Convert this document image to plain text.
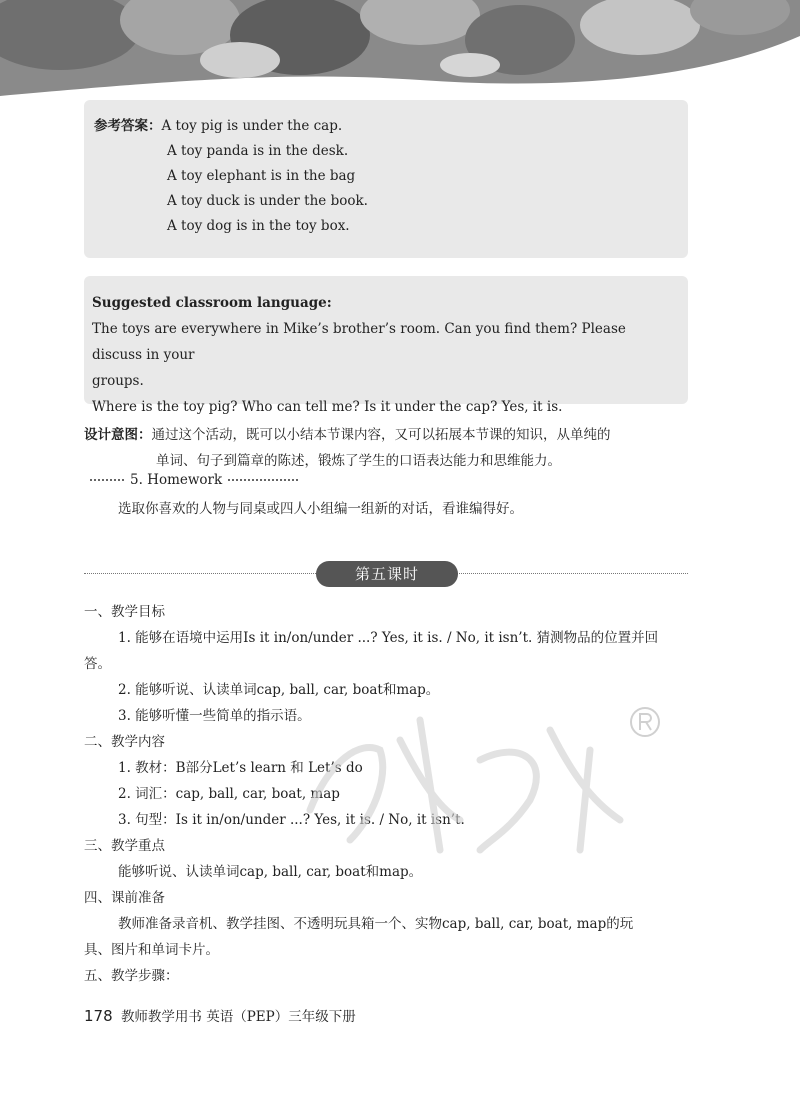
参考答案：A toy pig is under the cap.
A toy panda is in the desk.
A toy elephant is in the bag
A toy duck is under the book.
A toy dog is in the toy box.
Suggested classroom language:
The toys are everywhere in Mike’s brother’s room. Can you find them? Please discuss in your
groups.
Where is the toy pig? Who can tell me? Is it under the cap? Yes, it is.
设计意图：通过这个活动，既可以小结本节课内容，又可以拓展本节课的知识，从单纯的
单词、句子到篇章的陈述，锻炼了学生的口语表达能力和思维能力。
5. Homework
选取你喜欢的人物与同桌或四人小组编一组新的对话，看谁编得好。
第五课时
一、教学目标
1. 能够在语境中运用Is it in/on/under ...? Yes, it is. / No, it isn’t. 猜测物品的位置并回
答。
2. 能够听说、认读单词cap, ball, car, boat和map。
3. 能够听懂一些简单的指示语。
二、教学内容
1. 教材：B部分Let’s learn 和 Let’s do
2. 词汇：cap, ball, car, boat, map
3. 句型：Is it in/on/under ...? Yes, it is. / No, it isn’t.
三、教学重点
能够听说、认读单词cap, ball, car, boat和map。
四、课前准备
教师准备录音机、教学挂图、不透明玩具箱一个、实物cap, ball, car, boat, map的玩
具、图片和单词卡片。
五、教学步骤：
178 教师教学用书 英语（PEP）三年级下册
